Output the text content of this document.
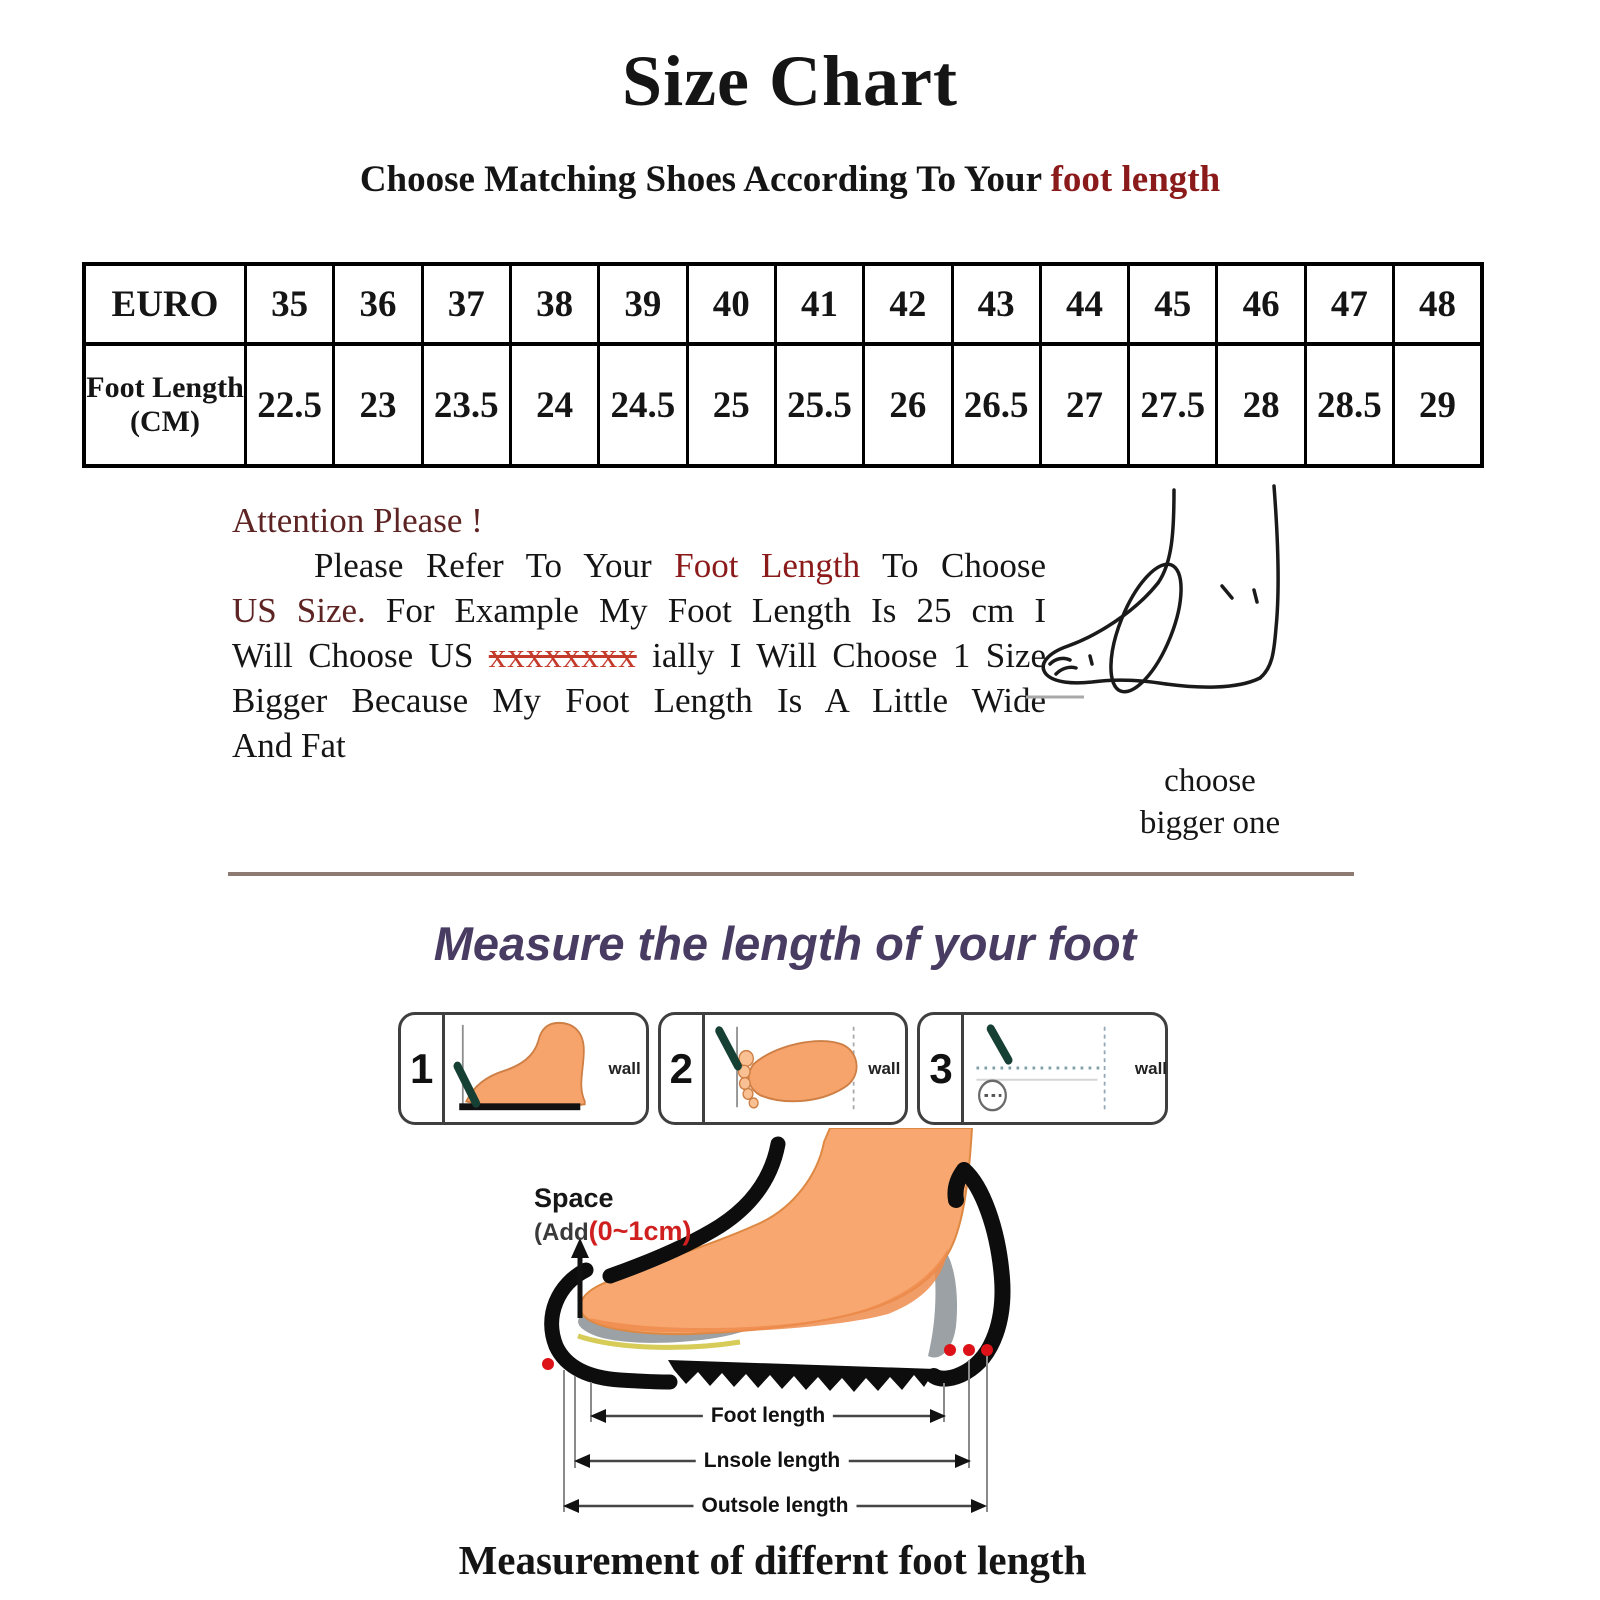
Size Chart
Choose Matching Shoes According To Your foot length
EURO	35	36	37	38	39	40	41	42	43	44	45	46	47	48
Foot Length (CM)	22.5	23	23.5	24	24.5	25	25.5	26	26.5	27	27.5	28	28.5	29
Attention Please !
Please Refer To Your Foot Length To Choose
US Size. For Example My Foot Length Is 25 cm I
Will Choose US xxxxxxxx ially I Will Choose 1 Size
Bigger Because My Foot Length Is A Little Wide
And Fat
choose
bigger one
Measure the length of your foot
1	wall 2	wall 3	wall
Space
(Add(0~1cm)
Foot length
Lnsole length
Outsole length
Measurement of differnt foot length
